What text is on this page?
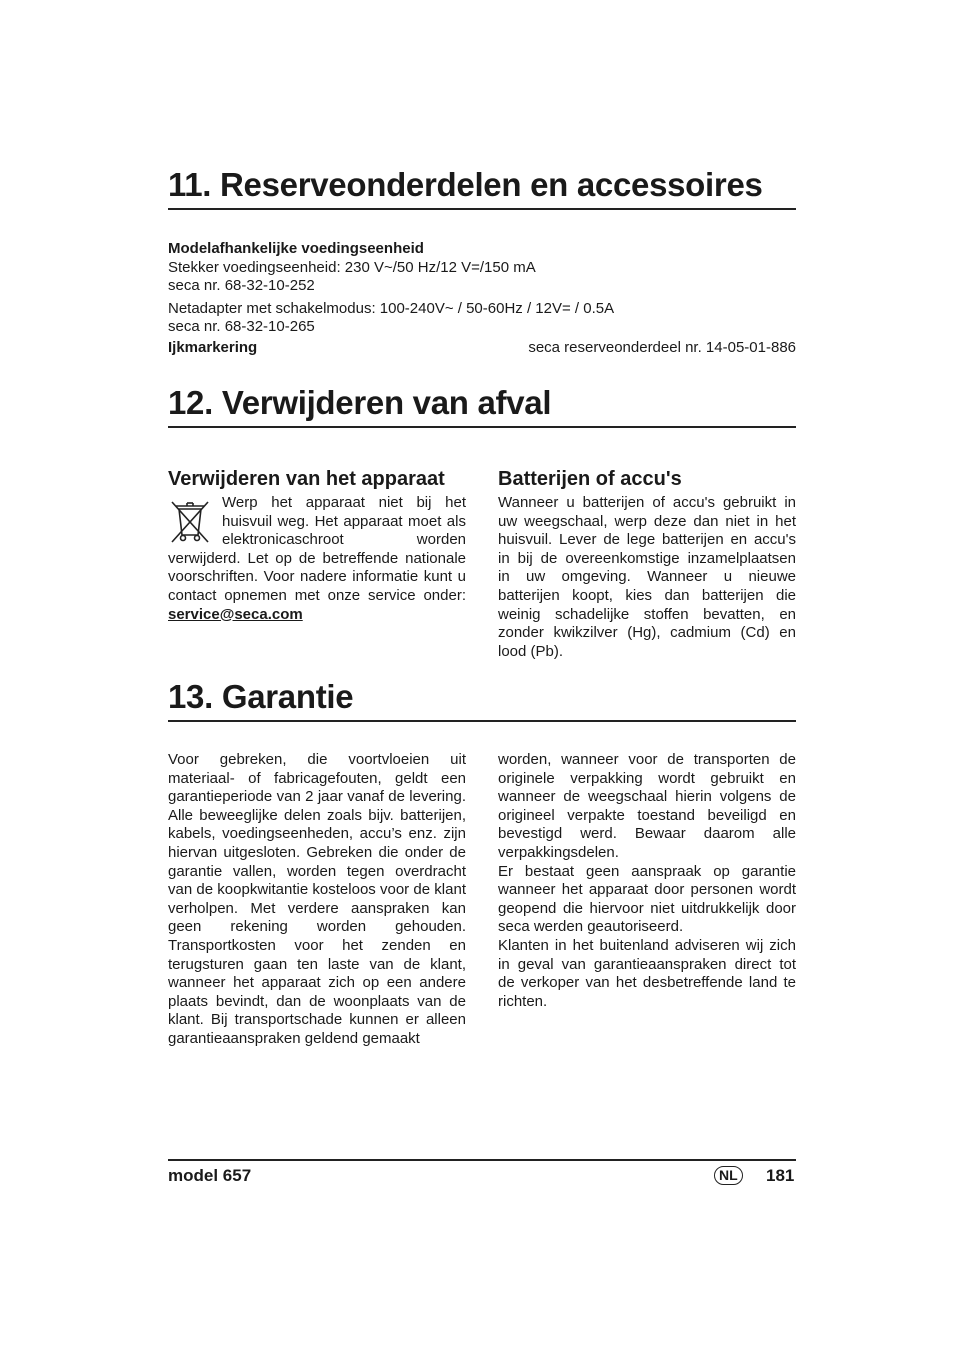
11. Reserveonderdelen en accessoires
Modelafhankelijke voedingseenheid
Stekker voedingseenheid: 230 V~/50 Hz/12 V=/150 mA
seca nr. 68-32-10-252
Netadapter met schakelmodus: 100-240V~ / 50-60Hz / 12V= / 0.5A
seca nr. 68-32-10-265
Ijkmarkering	seca reserveonderdeel nr. 14-05-01-886
12. Verwijderen van afval
Verwijderen van het apparaat
Werp het apparaat niet bij het huisvuil weg. Het apparaat moet als elektronicaschroot worden verwijderd. Let op de betreffende nationale voorschriften. Voor nadere informatie kunt u contact opnemen met onze service onder: service@seca.com
Batterijen of accu's
Wanneer u batterijen of accu's gebruikt in uw weegschaal, werp deze dan niet in het huisvuil. Lever de lege batterijen en accu's in bij de overeenkomstige inzamelplaatsen in uw omgeving. Wanneer u nieuwe batterijen koopt, kies dan batterijen die weinig schadelijke stoffen bevatten, en zonder kwikzilver (Hg), cadmium (Cd) en lood (Pb).
13. Garantie
Voor gebreken, die voortvloeien uit materiaal- of fabricagefouten, geldt een garantieperiode van 2 jaar vanaf de levering. Alle beweeglijke delen zoals bijv. batterijen, kabels, voedingseenheden, accu’s enz. zijn hiervan uitgesloten. Gebreken die onder de garantie vallen, worden tegen overdracht van de koopkwitantie kosteloos voor de klant verholpen. Met verdere aanspraken kan geen rekening worden gehouden. Transportkosten voor het zenden en terugsturen gaan ten laste van de klant, wanneer het apparaat zich op een andere plaats bevindt, dan de woonplaats van de klant. Bij transportschade kunnen er alleen garantieaanspraken geldend gemaakt
worden, wanneer voor de transporten de originele verpakking wordt gebruikt en wanneer de weegschaal hierin volgens de origineel verpakte toestand beveiligd en bevestigd werd. Bewaar daarom alle verpakkingsdelen.
Er bestaat geen aanspraak op garantie wanneer het apparaat door personen wordt geopend die hiervoor niet uitdrukkelijk door seca werden geautoriseerd.
Klanten in het buitenland adviseren wij zich in geval van garantieaanspraken direct tot de verkoper van het desbetreffende land te richten.
model 657	NL 181
